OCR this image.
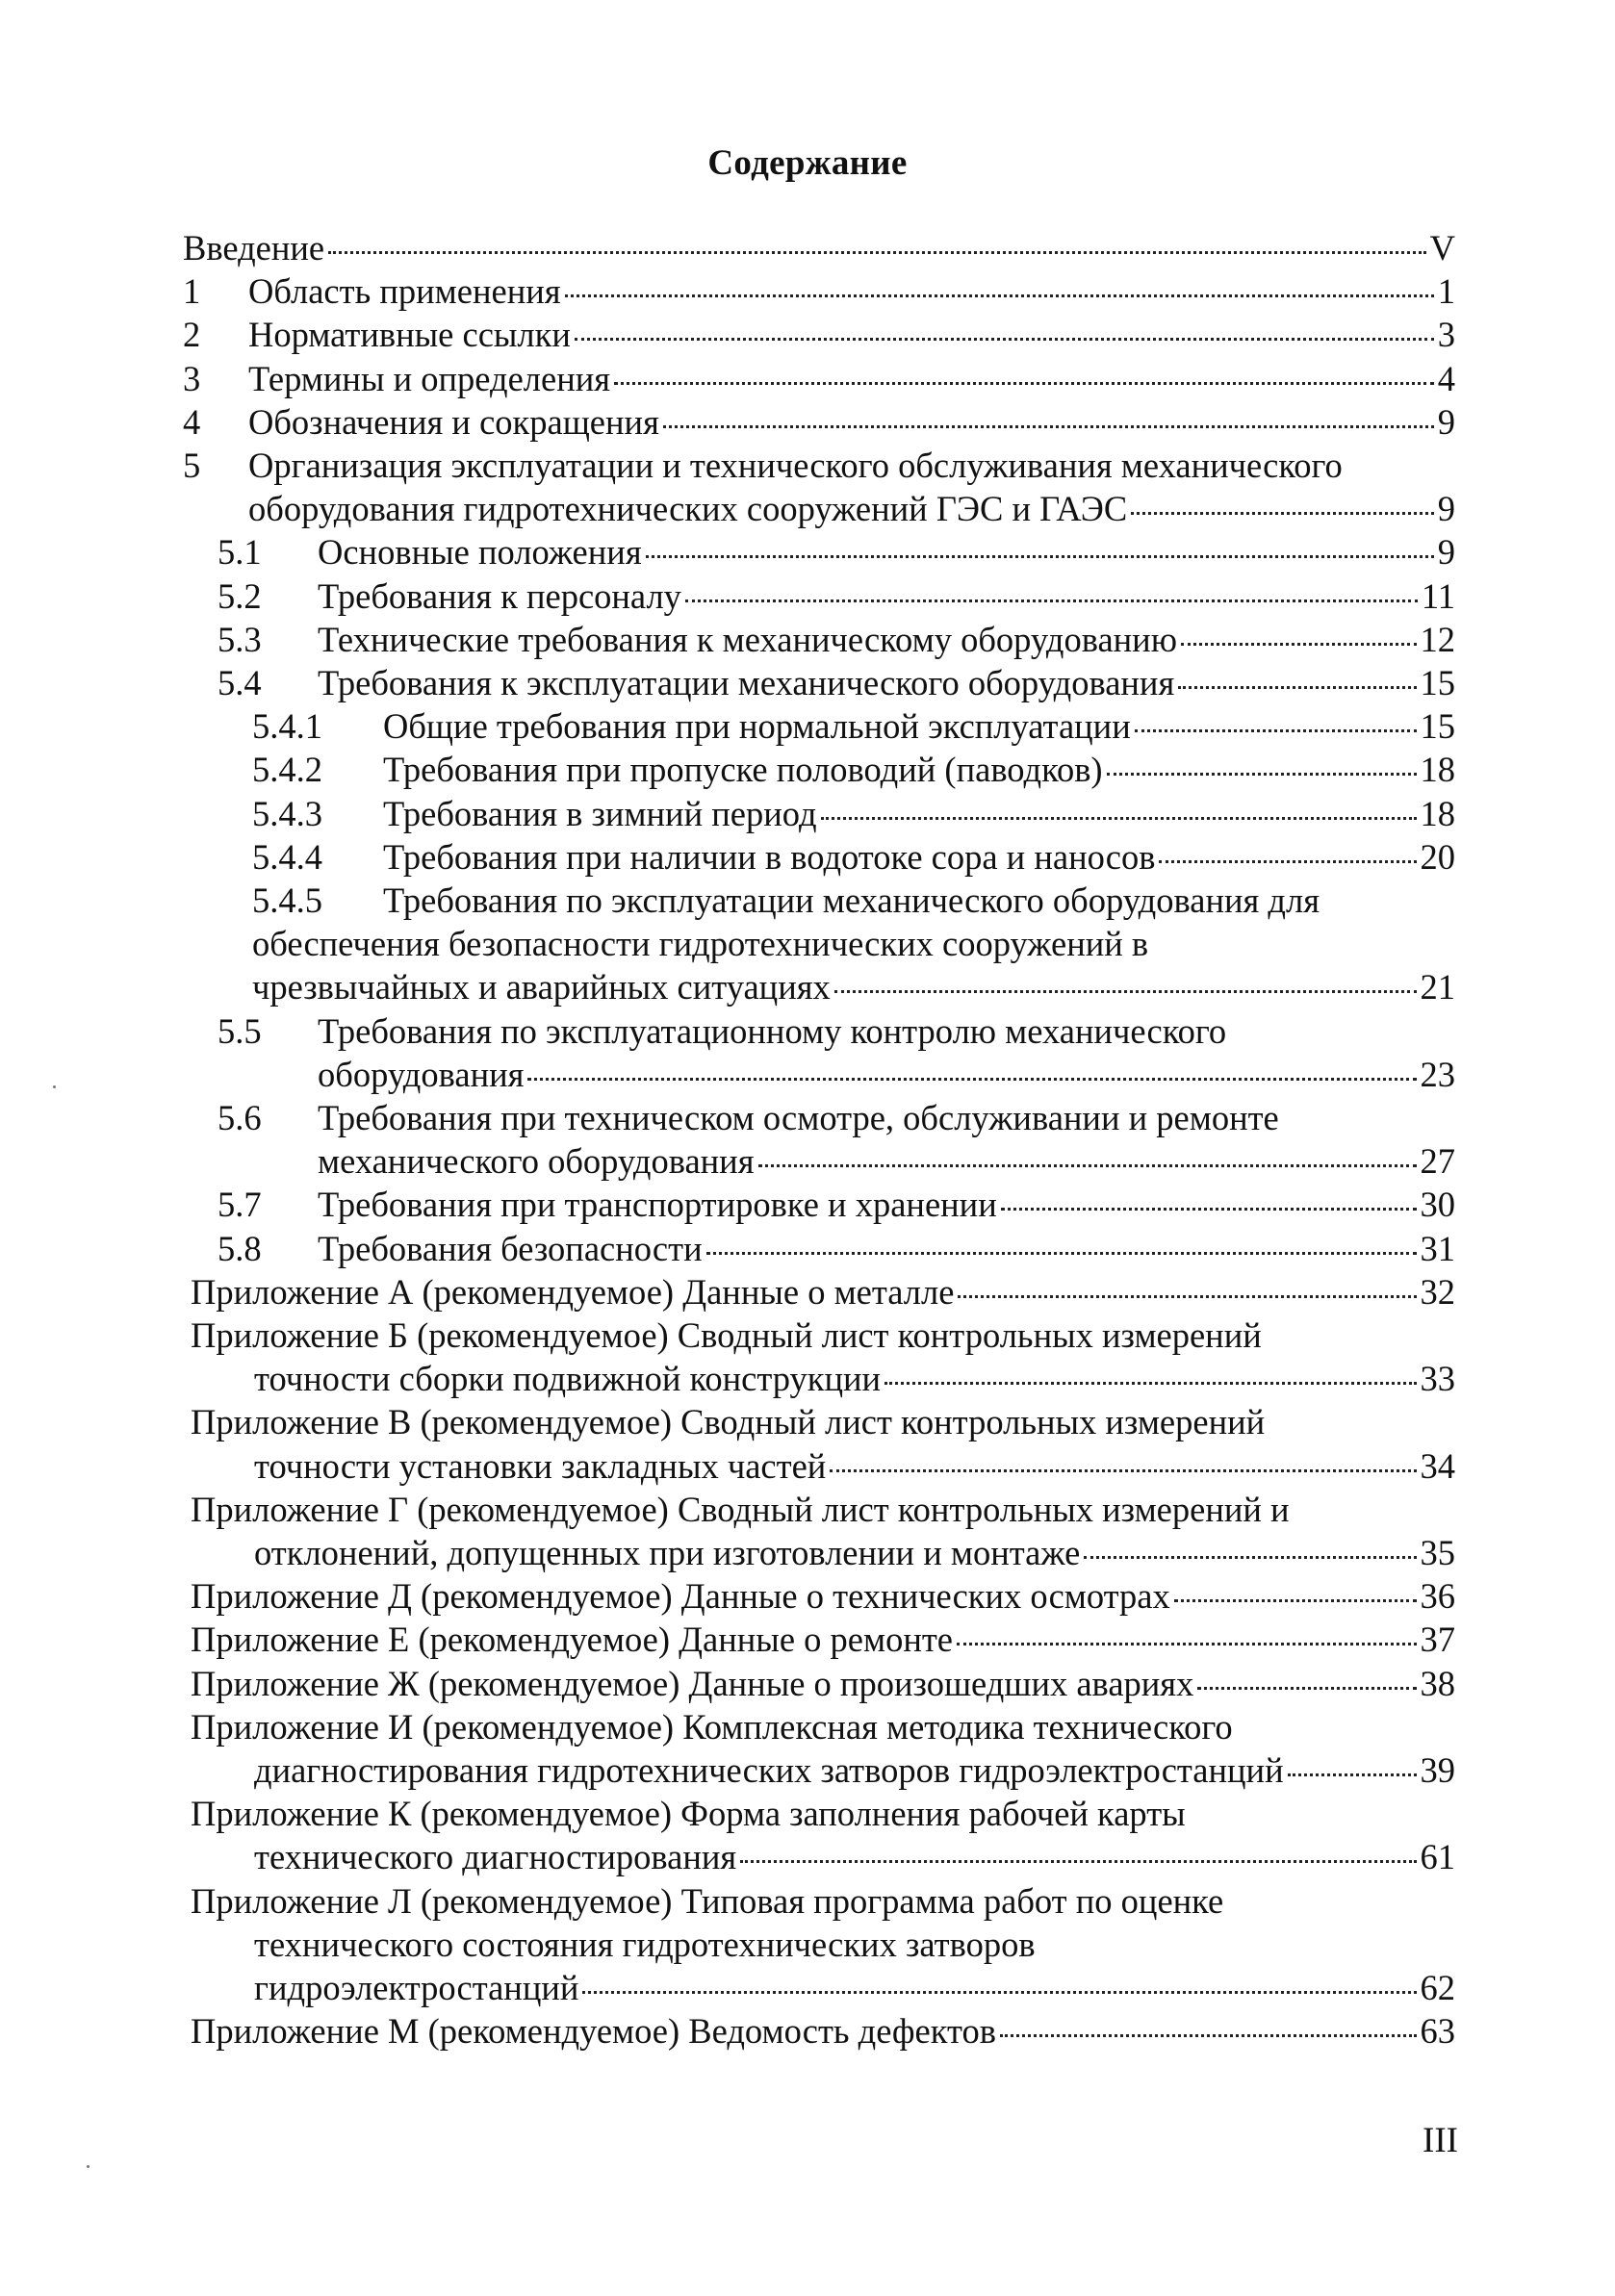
Содержание
Введение	V
1 Область применения	1
2 Нормативные ссылки	3
3 Термины и определения	4
4 Обозначения и сокращения	9
5 Организация эксплуатации и технического обслуживания механического
оборудования гидротехнических сооружений ГЭС и ГАЭС	9
5.1 Основные положения	9
5.2 Требования к персоналу	11
5.3 Технические требования к механическому оборудованию	12
5.4 Требования к эксплуатации механического оборудования	15
5.4.1 Общие требования при нормальной эксплуатации	15
5.4.2 Требования при пропуске половодий (паводков)	18
5.4.3 Требования в зимний период	18
5.4.4 Требования при наличии в водотоке сора и наносов	20
5.4.5 Требования по эксплуатации механического оборудования для
обеспечения безопасности гидротехнических сооружений в
чрезвычайных и аварийных ситуациях	21
5.5 Требования по эксплуатационному контролю механического
оборудования	23
5.6 Требования при техническом осмотре, обслуживании и ремонте
механического оборудования	27
5.7 Требования при транспортировке и хранении	30
5.8 Требования безопасности	31
Приложение А (рекомендуемое) Данные о металле	32
Приложение Б (рекомендуемое) Сводный лист контрольных измерений
точности сборки подвижной конструкции	33
Приложение В (рекомендуемое) Сводный лист контрольных измерений
точности установки закладных частей	34
Приложение Г (рекомендуемое) Сводный лист контрольных измерений и
отклонений, допущенных при изготовлении и монтаже	35
Приложение Д (рекомендуемое) Данные о технических осмотрах	36
Приложение Е (рекомендуемое) Данные о ремонте	37
Приложение Ж (рекомендуемое) Данные о произошедших авариях	38
Приложение И (рекомендуемое) Комплексная методика технического
диагностирования гидротехнических затворов гидроэлектростанций	39
Приложение К (рекомендуемое) Форма заполнения рабочей карты
технического диагностирования	61
Приложение Л (рекомендуемое) Типовая программа работ по оценке
технического состояния гидротехнических затворов
гидроэлектростанций	62
Приложение М (рекомендуемое) Ведомость дефектов	63
III
